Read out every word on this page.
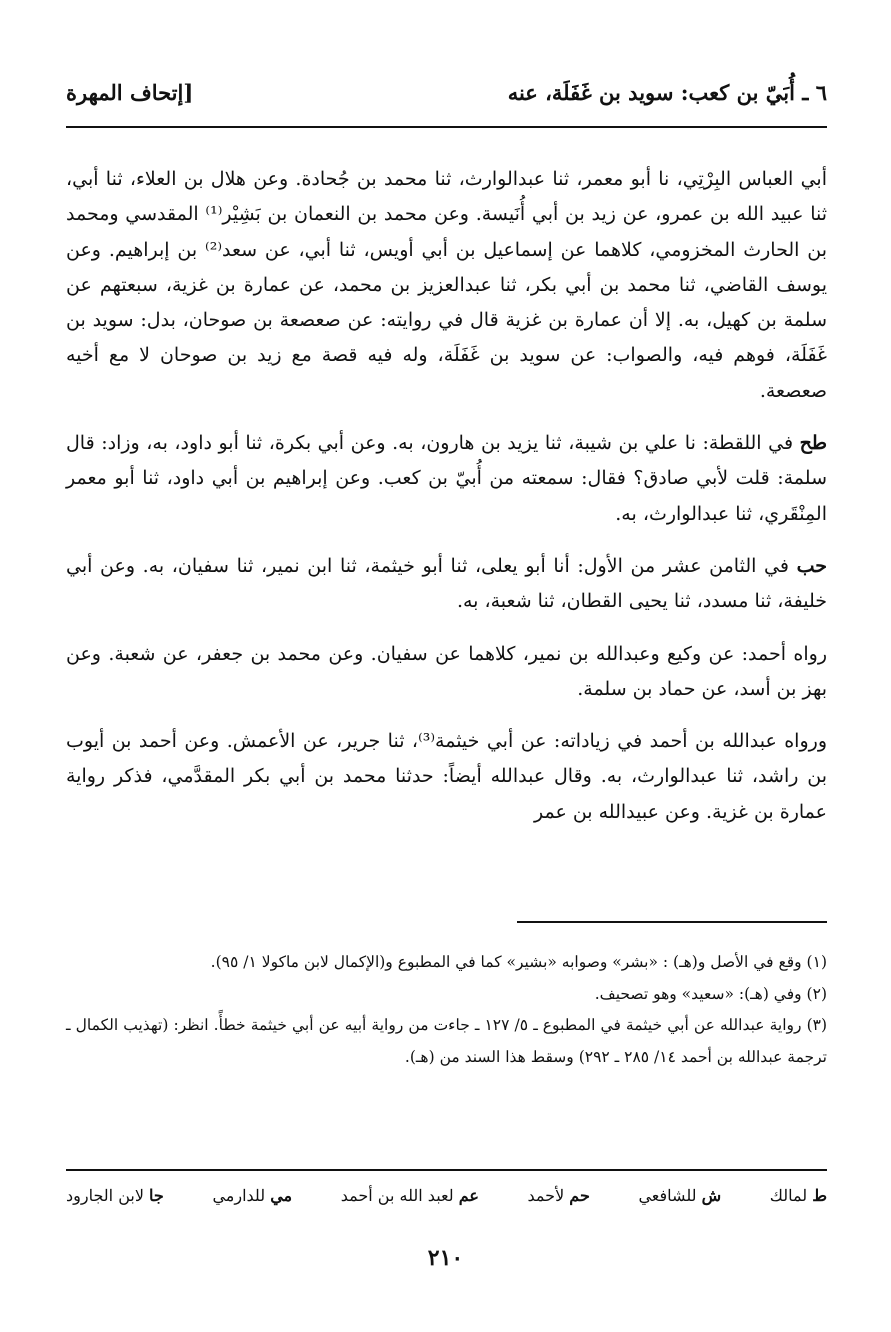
٦ ـ أُبَيّ بن كعب: سويد بن غَفَلَة، عنه
[إتحاف المهرة

أبي العباس البِرْتِي، نا أبو معمر، ثنا عبدالوارث، ثنا محمد بن جُحادة. وعن هلال بن العلاء، ثنا أبي، ثنا عبيد الله بن عمرو، عن زيد بن أبي أُنَيسة. وعن محمد بن النعمان بن بَشِيْر⁽¹⁾ المقدسي ومحمد بن الحارث المخزومي، كلاهما عن إسماعيل بن أبي أويس، ثنا أبي، عن سعد⁽²⁾ بن إبراهيم. وعن يوسف القاضي، ثنا محمد بن أبي بكر، ثنا عبدالعزيز بن محمد، عن عمارة بن غزية، سبعتهم عن سلمة بن كهيل، به. إلا أن عمارة بن غزية قال في روايته: عن صعصعة بن صوحان، بدل: سويد بن غَفَلَة، فوهم فيه، والصواب: عن سويد بن غَفَلَة، وله فيه قصة مع زيد بن صوحان لا مع أخيه صعصعة.

طح في اللقطة: نا علي بن شيبة، ثنا يزيد بن هارون، به. وعن أبي بكرة، ثنا أبو داود، به، وزاد: قال سلمة: قلت لأبي صادق؟ فقال: سمعته من أُبيّ بن كعب. وعن إبراهيم بن أبي داود، ثنا أبو معمر المِنْقَري، ثنا عبدالوارث، به.

حب في الثامن عشر من الأول: أنا أبو يعلى، ثنا أبو خيثمة، ثنا ابن نمير، ثنا سفيان، به. وعن أبي خليفة، ثنا مسدد، ثنا يحيى القطان، ثنا شعبة، به.

رواه أحمد: عن وكيع وعبدالله بن نمير، كلاهما عن سفيان. وعن محمد بن جعفر، عن شعبة. وعن بهز بن أسد، عن حماد بن سلمة.

ورواه عبدالله بن أحمد في زياداته: عن أبي خيثمة⁽³⁾، ثنا جرير، عن الأعمش. وعن أحمد بن أيوب بن راشد، ثنا عبدالوارث، به. وقال عبدالله أيضاً: حدثنا محمد بن أبي بكر المقدَّمي، فذكر رواية عمارة بن غزية. وعن عبيدالله بن عمر

(١) وقع في الأصل و(هـ) : «بشر» وصوابه «بشير» كما في المطبوع و(الإكمال لابن ماكولا ١/ ٩٥).

(٢) وفي (هـ): «سعيد» وهو تصحيف.

(٣) رواية عبدالله عن أبي خيثمة في المطبوع ـ ٥/ ١٢٧ ـ جاءت من رواية أبيه عن أبي خيثمة خطأً. انظر: (تهذيب الكمال ـ ترجمة عبدالله بن أحمد ١٤/ ٢٨٥ ـ ٢٩٢) وسقط هذا السند من (هـ).

ط لمالك
ش للشافعي
حم لأحمد
عم لعبد الله بن أحمد
مي للدارمي
جا لابن الجارود
٢١٠
